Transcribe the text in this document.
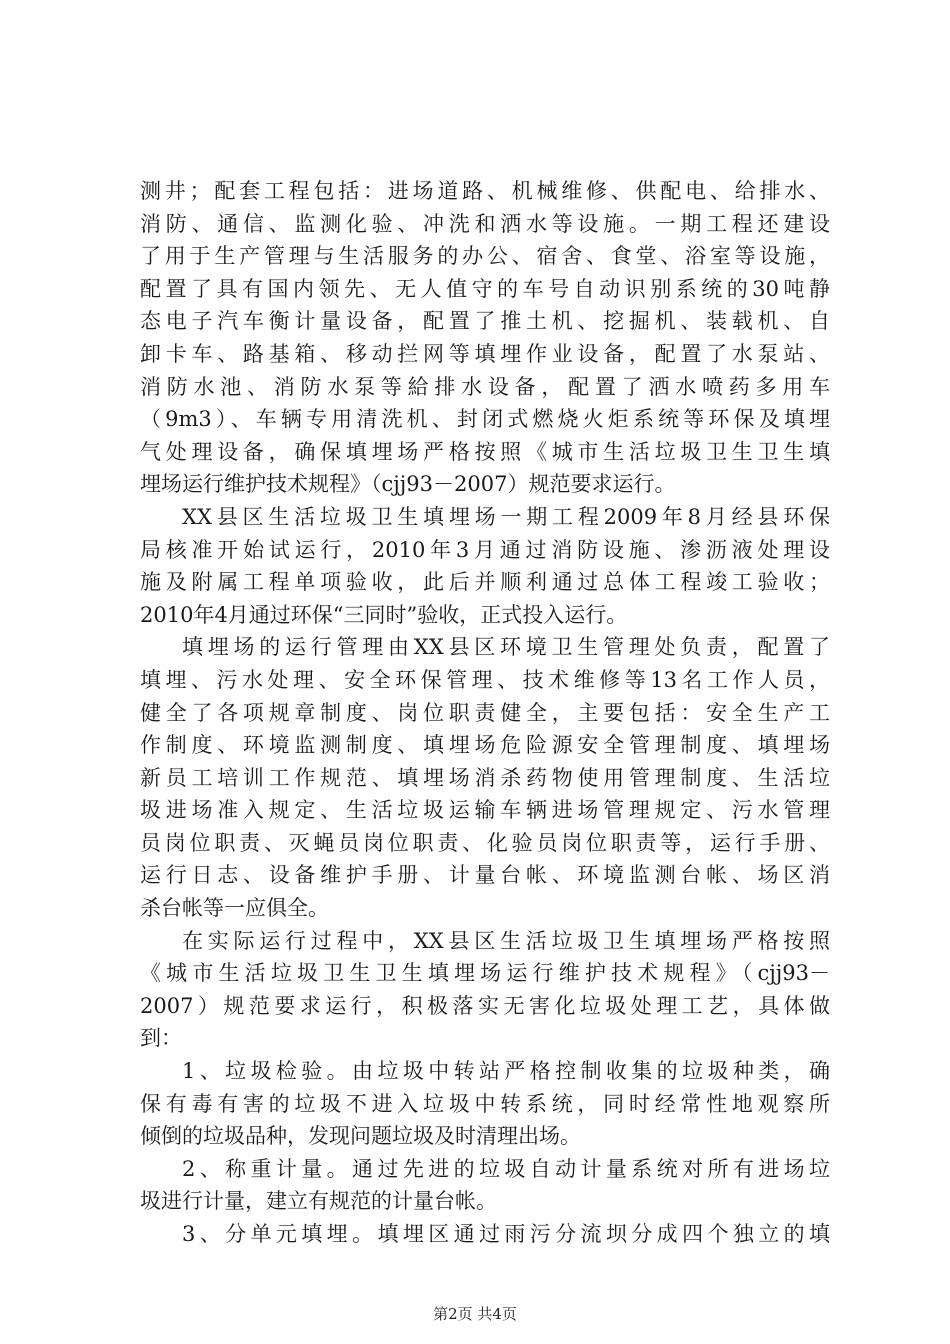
测井；配套工程包括：进场道路、机械维修、供配电、给排水、
消防、通信、监测化验、冲洗和洒水等设施。一期工程还建设
了用于生产管理与生活服务的办公、宿舍、食堂、浴室等设施，
配置了具有国内领先、无人值守的车号自动识别系统的30吨静
态电子汽车衡计量设备，配置了推土机、挖掘机、装载机、自
卸卡车、路基箱、移动拦网等填埋作业设备，配置了水泵站、
消防水池、消防水泵等給排水设备，配置了洒水喷药多用车
（9m3）、车辆专用清洗机、封闭式燃烧火炬系统等环保及填埋
气处理设备，确保填埋场严格按照《城市生活垃圾卫生卫生填
埋场运行维护技术规程》（cjj93－2007）规范要求运行。
XX县区生活垃圾卫生填埋场一期工程2009年8月经县环保
局核准开始试运行，2010年3月通过消防设施、渗沥液处理设
施及附属工程单项验收，此后并顺利通过总体工程竣工验收；
2010年4月通过环保“三同时”验收，正式投入运行。
填埋场的运行管理由XX县区环境卫生管理处负责，配置了
填埋、污水处理、安全环保管理、技术维修等13名工作人员，
健全了各项规章制度、岗位职责健全，主要包括：安全生产工
作制度、环境监测制度、填埋场危险源安全管理制度、填埋场
新员工培训工作规范、填埋场消杀药物使用管理制度、生活垃
圾进场准入规定、生活垃圾运输车辆进场管理规定、污水管理
员岗位职责、灭蝇员岗位职责、化验员岗位职责等，运行手册、
运行日志、设备维护手册、计量台帐、环境监测台帐、场区消
杀台帐等一应俱全。
在实际运行过程中，XX县区生活垃圾卫生填埋场严格按照
《城市生活垃圾卫生卫生填埋场运行维护技术规程》（cjj93－
2007）规范要求运行，积极落实无害化垃圾处理工艺，具体做
到：
1、垃圾检验。由垃圾中转站严格控制收集的垃圾种类，确
保有毒有害的垃圾不进入垃圾中转系统，同时经常性地观察所
倾倒的垃圾品种，发现问题垃圾及时清理出场。
2、称重计量。通过先进的垃圾自动计量系统对所有进场垃
圾进行计量，建立有规范的计量台帐。
3、分单元填埋。填埋区通过雨污分流坝分成四个独立的填
第2页 共4页
